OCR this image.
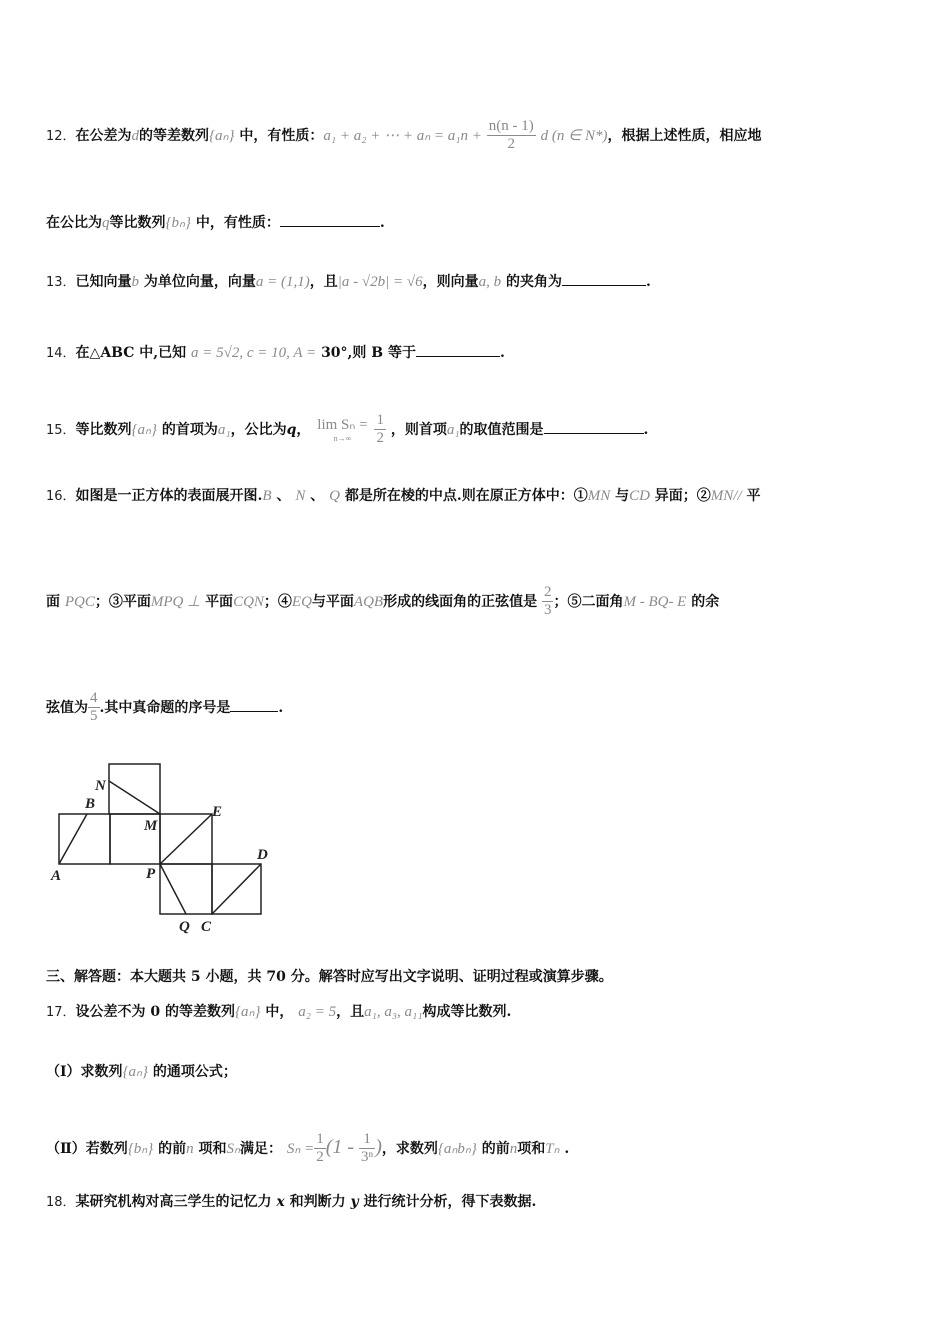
12．在公差为d的等差数列{aₙ} 中，有性质：a₁ + a₂ + ⋯ + $a_n = a_1n + \frac{n(n - 1)}{2}$ d (n ∈ N*)，根据上述性质，相应地
在公比为q等比数列{bₙ} 中，有性质：	.
13．已知向量b 为单位向量，向量a = (1,1)，且|a - √2b| = √6，则向量a, b 的夹角为	.
14．在△ABC 中,已知 a = 5√2, c = 10, A = 30°,则 B 等于	.
15．等比数列{aₙ} 的首项为a₁，公比为q， lim Sₙ =
n→∞
	$\frac{1}{2}$ ，则首项a₁的取值范围是	.
16．如图是一正方体的表面展开图.B 、 N 、 Q 都是所在棱的中点.则在原正方体中：①MN 与CD 异面；②MN// 平
面 PQC；③平面MPQ ⊥ 平面CQN；④EQ与平面AQB形成的线面角的正弦值是 $\frac{2}{3}$ ；⑤二面角M - BQ- E 的余
弦值为 $\frac{4}{5}$ .其中真命题的序号是	.
N
B
M
E
D
A	P
Q C
三、解答题：本大题共 5 小题，共 70 分。解答时应写出文字说明、证明过程或演算步骤。
17．设公差不为 0 的等差数列{aₙ} 中， a₂ = 5，且a₁, a₃, a₁₁构成等比数列.
（Ⅰ）求数列{aₙ} 的通项公式；
（Ⅱ）若数列{bₙ} 的前n 项和Sₙ满足： $S_n = \frac{1}{2} (1 - \frac{1}{\text{3ⁿ}}$ )，求数列{aₙbₙ} 的前n项和Tₙ .
18．某研究机构对高三学生的记忆力 x 和判断力 y 进行统计分析，得下表数据.
